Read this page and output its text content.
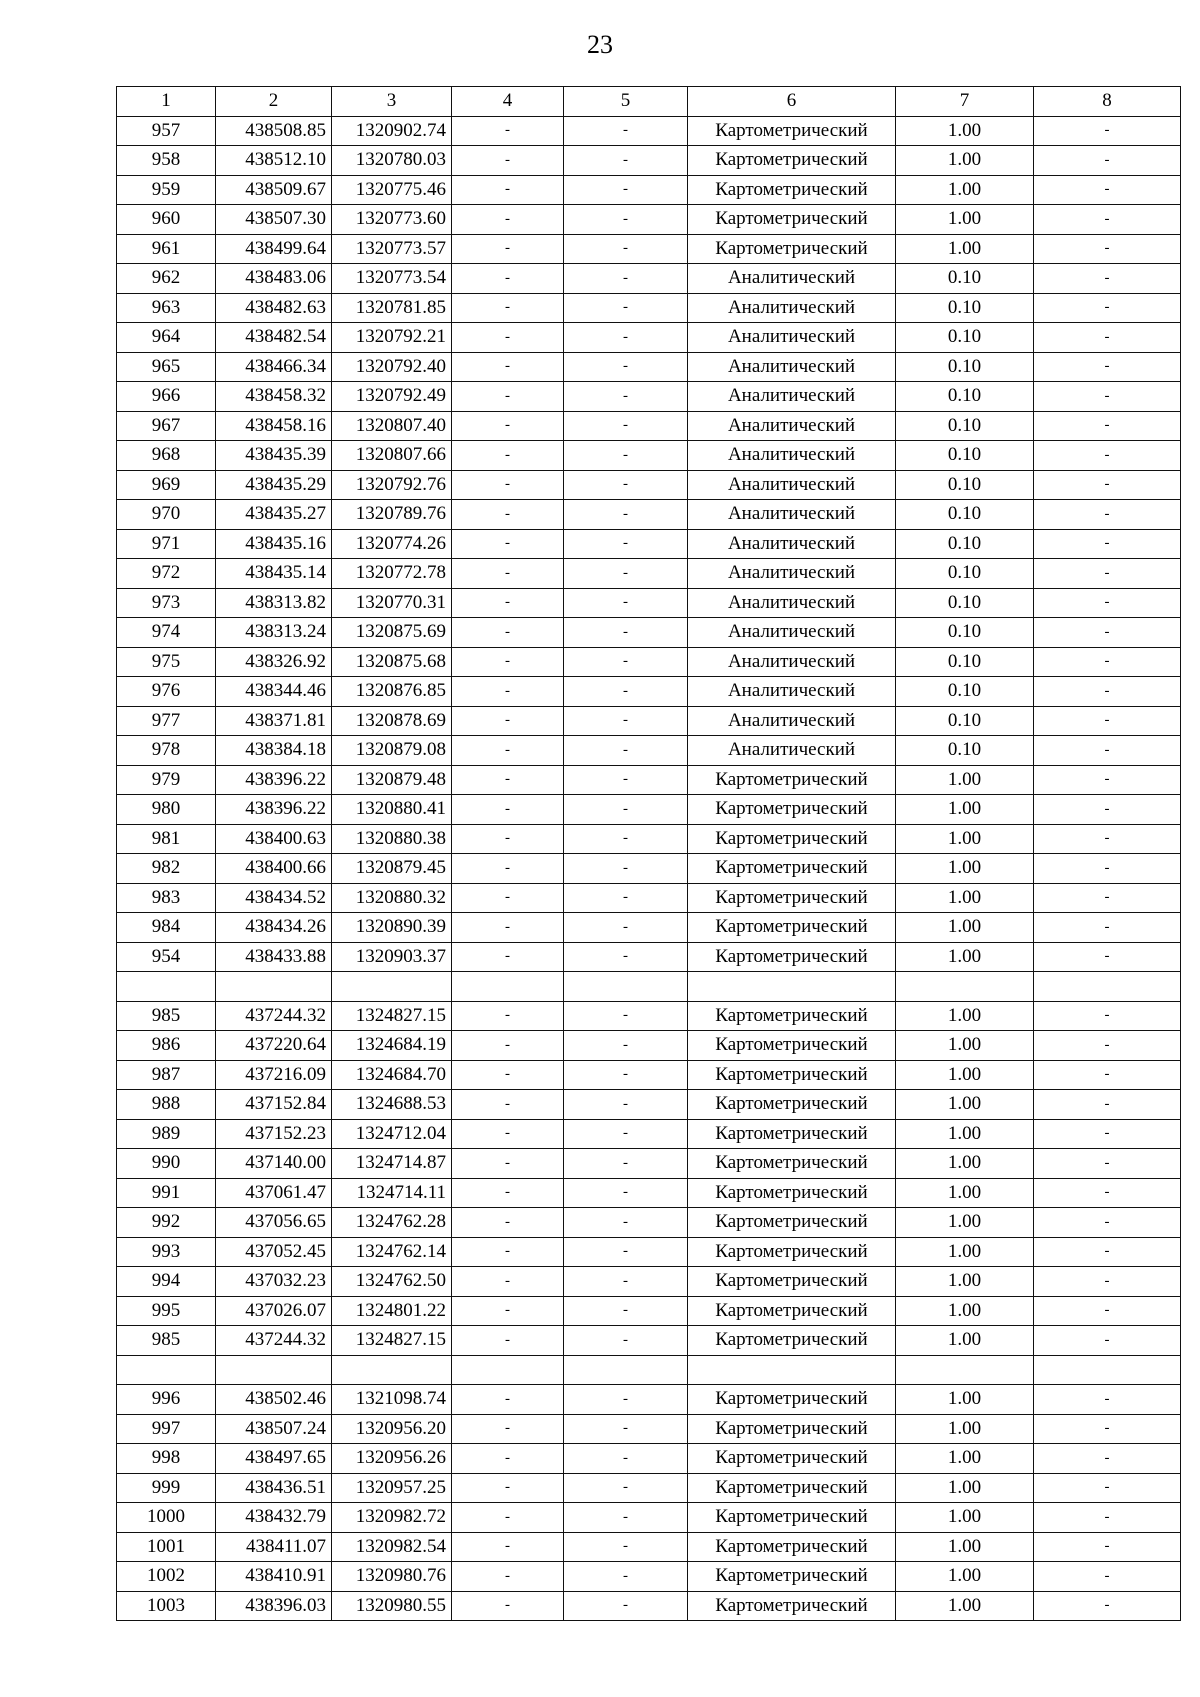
23
1	2	3	4	5	6	7	8
957	438508.85	1320902.74	-	-	Картометрический	1.00	-
958	438512.10	1320780.03	-	-	Картометрический	1.00	-
959	438509.67	1320775.46	-	-	Картометрический	1.00	-
960	438507.30	1320773.60	-	-	Картометрический	1.00	-
961	438499.64	1320773.57	-	-	Картометрический	1.00	-
962	438483.06	1320773.54	-	-	Аналитический	0.10	-
963	438482.63	1320781.85	-	-	Аналитический	0.10	-
964	438482.54	1320792.21	-	-	Аналитический	0.10	-
965	438466.34	1320792.40	-	-	Аналитический	0.10	-
966	438458.32	1320792.49	-	-	Аналитический	0.10	-
967	438458.16	1320807.40	-	-	Аналитический	0.10	-
968	438435.39	1320807.66	-	-	Аналитический	0.10	-
969	438435.29	1320792.76	-	-	Аналитический	0.10	-
970	438435.27	1320789.76	-	-	Аналитический	0.10	-
971	438435.16	1320774.26	-	-	Аналитический	0.10	-
972	438435.14	1320772.78	-	-	Аналитический	0.10	-
973	438313.82	1320770.31	-	-	Аналитический	0.10	-
974	438313.24	1320875.69	-	-	Аналитический	0.10	-
975	438326.92	1320875.68	-	-	Аналитический	0.10	-
976	438344.46	1320876.85	-	-	Аналитический	0.10	-
977	438371.81	1320878.69	-	-	Аналитический	0.10	-
978	438384.18	1320879.08	-	-	Аналитический	0.10	-
979	438396.22	1320879.48	-	-	Картометрический	1.00	-
980	438396.22	1320880.41	-	-	Картометрический	1.00	-
981	438400.63	1320880.38	-	-	Картометрический	1.00	-
982	438400.66	1320879.45	-	-	Картометрический	1.00	-
983	438434.52	1320880.32	-	-	Картометрический	1.00	-
984	438434.26	1320890.39	-	-	Картометрический	1.00	-
954	438433.88	1320903.37	-	-	Картометрический	1.00	-

985	437244.32	1324827.15	-	-	Картометрический	1.00	-
986	437220.64	1324684.19	-	-	Картометрический	1.00	-
987	437216.09	1324684.70	-	-	Картометрический	1.00	-
988	437152.84	1324688.53	-	-	Картометрический	1.00	-
989	437152.23	1324712.04	-	-	Картометрический	1.00	-
990	437140.00	1324714.87	-	-	Картометрический	1.00	-
991	437061.47	1324714.11	-	-	Картометрический	1.00	-
992	437056.65	1324762.28	-	-	Картометрический	1.00	-
993	437052.45	1324762.14	-	-	Картометрический	1.00	-
994	437032.23	1324762.50	-	-	Картометрический	1.00	-
995	437026.07	1324801.22	-	-	Картометрический	1.00	-
985	437244.32	1324827.15	-	-	Картометрический	1.00	-

996	438502.46	1321098.74	-	-	Картометрический	1.00	-
997	438507.24	1320956.20	-	-	Картометрический	1.00	-
998	438497.65	1320956.26	-	-	Картометрический	1.00	-
999	438436.51	1320957.25	-	-	Картометрический	1.00	-
1000	438432.79	1320982.72	-	-	Картометрический	1.00	-
1001	438411.07	1320982.54	-	-	Картометрический	1.00	-
1002	438410.91	1320980.76	-	-	Картометрический	1.00	-
1003	438396.03	1320980.55	-	-	Картометрический	1.00	-
